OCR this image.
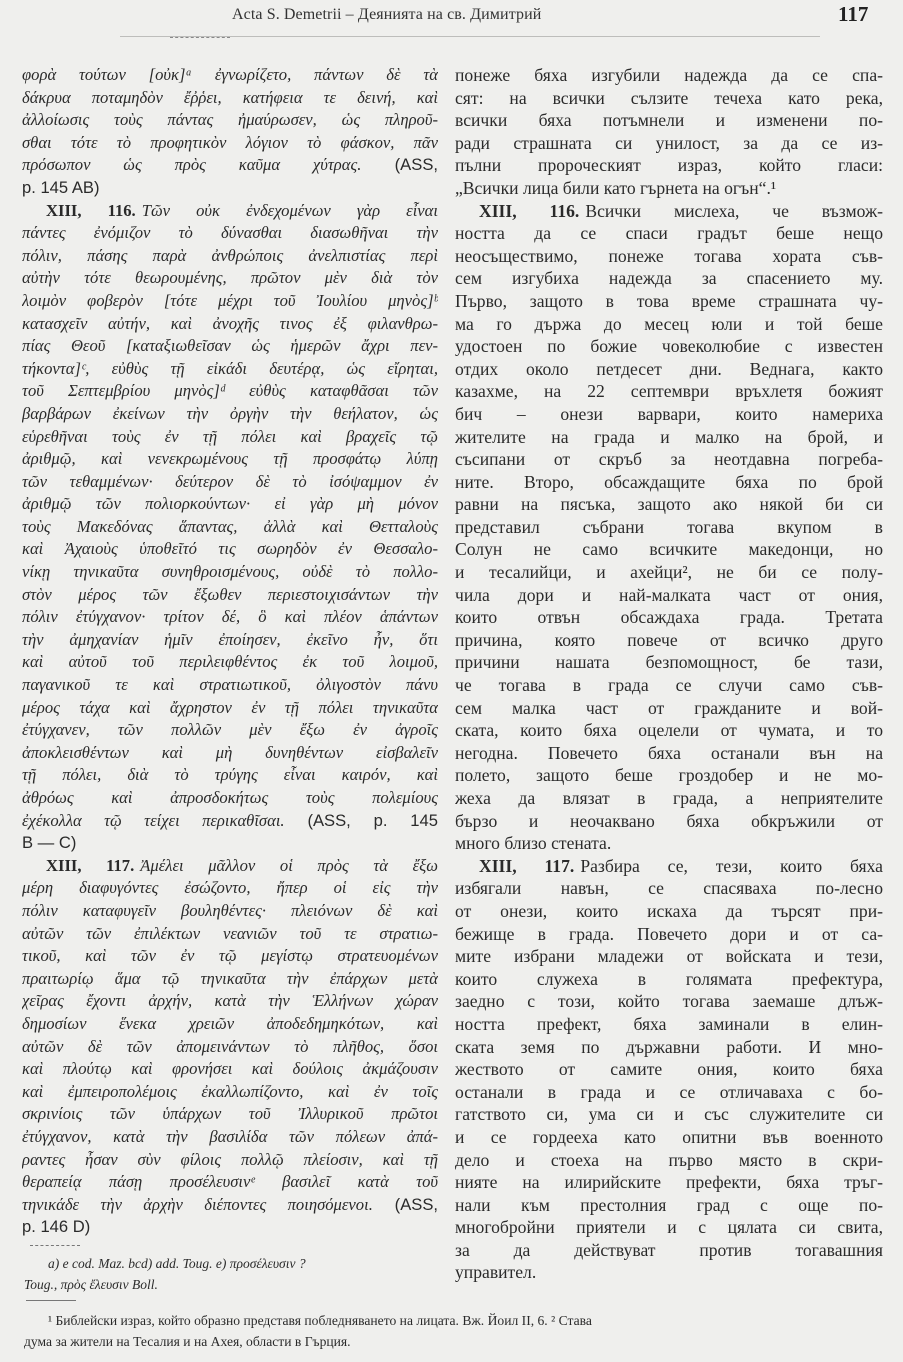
Acta S. Demetrii – Деянията на св. Димитрий	117
φορὰ τούτων [οὐκ]ᵃ ἐγνωρίζετο, πάντων δὲ τὰ
δάκρυα ποταμηδὸν ἔῤῥει, κατήφεια τε δεινή, καὶ
ἀλλοίωσις τοὺς πάντας ἠμαύρωσεν, ὡς πληροῦ-
σθαι τότε τὸ προφητικὸν λόγιον τὸ φάσκον, πᾶν
πρόσωπον ὡς πρὸς καῦμα χύτρας. (ASS,
p. 145 AB)
XIII, 116. Τῶν οὐκ ἐνδεχομένων γὰρ εἶναι
πάντες ἐνόμιζον τὸ δύνασθαι διασωθῆναι τὴν
πόλιν, πάσης παρὰ ἀνθρώποις ἀνελπιστίας περὶ
αὐτὴν τότε θεωρουμένης, πρῶτον μὲν διὰ τὸν
λοιμὸν φοβερὸν [τότε μέχρι τοῦ Ἰουλίου μηνὸς]ᵇ
κατασχεῖν αὐτήν, καὶ ἀνοχῆς τινος ἐξ φιλανθρω-
πίας Θεοῦ [καταξιωθεῖσαν ὡς ἡμερῶν ἄχρι πεν-
τήκοντα]ᶜ, εὐθὺς τῇ εἰκάδι δευτέρᾳ, ὡς εἴρηται,
τοῦ Σεπτεμβρίου μηνὸς]ᵈ εὐθὺς καταφθᾶσαι τῶν
βαρβάρων ἐκείνων τὴν ὀργὴν τὴν θεήλατον, ὡς
εὑρεθῆναι τοὺς ἐν τῇ πόλει καὶ βραχεῖς τῷ
ἀριθμῷ, καὶ νενεκρωμένους τῇ προσφάτῳ λύπῃ
τῶν τεθαμμένων· δεύτερον δὲ τὸ ἰσόψαμμον ἐν
ἀριθμῷ τῶν πολιορκούντων· εἰ γὰρ μὴ μόνον
τοὺς Μακεδόνας ἅπαντας, ἀλλὰ καὶ Θετταλοὺς
καὶ Ἀχαιοὺς ὑποθεῖτό τις σωρηδὸν ἐν Θεσσαλο-
νίκῃ τηνικαῦτα συνηθροισμένους, οὐδὲ τὸ πολλο-
στὸν μέρος τῶν ἔξωθεν περιεστοιχισάντων τὴν
πόλιν ἐτύγχανον· τρίτον δέ, ὃ καὶ πλέον ἁπάντων
τὴν ἀμηχανίαν ἡμῖν ἐποίησεν, ἐκεῖνο ἦν, ὅτι
καὶ αὐτοῦ τοῦ περιλειφθέντος ἐκ τοῦ λοιμοῦ,
παγανικοῦ τε καὶ στρατιωτικοῦ, ὀλιγοστὸν πάνυ
μέρος τάχα καὶ ἄχρηστον ἐν τῇ πόλει τηνικαῦτα
ἐτύγχανεν, τῶν πολλῶν μὲν ἔξω ἐν ἀγροῖς
ἀποκλεισθέντων καὶ μὴ δυνηθέντων εἰσβαλεῖν
τῇ πόλει, διὰ τὸ τρύγης εἶναι καιρόν, καὶ
ἀθρόως καὶ ἀπροσδοκήτως τοὺς πολεμίους
ἐχέκολλα τῷ τείχει περικαθῖσαι. (ASS, p. 145
B — C)
XIII, 117. Ἀμέλει μᾶλλον οἱ πρὸς τὰ ἔξω
μέρη διαφυγόντες ἐσώζοντο, ἤπερ οἱ εἰς τὴν
πόλιν καταφυγεῖν βουληθέντες· πλειόνων δὲ καὶ
αὐτῶν τῶν ἐπιλέκτων νεανιῶν τοῦ τε στρατιω-
τικοῦ, καὶ τῶν ἐν τῷ μεγίστῳ στρατευομένων
πραιτωρίῳ ἅμα τῷ τηνικαῦτα τὴν ἐπάρχων μετὰ
χεῖρας ἔχοντι ἀρχήν, κατὰ τὴν Ἑλλήνων χώραν
δημοσίων ἕνεκα χρειῶν ἀποδεδημηκότων, καὶ
αὐτῶν δὲ τῶν ἀπομεινάντων τὸ πλῆθος, ὅσοι
καὶ πλούτῳ καὶ φρονήσει καὶ δούλοις ἀκμάζουσιν
καὶ ἐμπειροπολέμοις ἐκαλλωπίζοντο, καὶ ἐν τοῖς
σκρινίοις τῶν ὑπάρχων τοῦ Ἰλλυρικοῦ πρῶτοι
ἐτύγχανον, κατὰ τὴν βασιλίδα τῶν πόλεων ἀπά-
ραντες ἦσαν σὺν φίλοις πολλῷ πλείοσιν, καὶ τῇ
θεραπείᾳ πάσῃ προσέλευσινᵉ βασιλεῖ κατὰ τοῦ
τηνικάδε τὴν ἀρχὴν διέποντες ποιησόμενοι. (ASS,
p. 146 D)
понеже бяха изгубили надежда да се спа-
сят: на всички сълзите течеха като река,
всички бяха потъмнели и изменени по-
ради страшната си унилост, за да се из-
пълни пророческият израз, който гласи:
„Всички лица били като гърнета на огън“.¹
XIII, 116. Всички мислеха, че възмож-
ността да се спаси градът беше нещо
неосъществимо, понеже тогава хората съв-
сем изгубиха надежда за спасението му.
Първо, защото в това време страшната чу-
ма го държа до месец юли и той беше
удостоен по божие човеколюбие с известен
отдих около петдесет дни. Веднага, както
казахме, на 22 септември връхлетя божият
бич – онези варвари, които намериха
жителите на града и малко на брой, и
съсипани от скръб за неотдавна погреба-
ните. Второ, обсаждащите бяха по брой
равни на пясъка, защото ако някой би си
представил събрани тогава вкупом в
Солун не само всичките македонци, но
и тесалийци, и ахейци², не би се полу-
чила дори и най-малката част от ония,
които отвън обсаждаха града. Третата
причина, която повече от всичко друго
причини нашата безпомощност, бе тази,
че тогава в града се случи само съв-
сем малка част от гражданите и вой-
ската, които бяха оцелели от чумата, и то
негодна. Повечето бяха останали вън на
полето, защото беше гроздобер и не мо-
жеха да влязат в града, а неприятелите
бързо и неочаквано бяха обкръжили от
много близо стената.
XIII, 117. Разбира се, тези, които бяха
избягали навън, се спасяваха по-лесно
от онези, които искаха да търсят при-
бежище в града. Повечето дори и от са-
мите избрани младежи от войската и тези,
които служеха в голямата префектура,
заедно с този, който тогава заемаше длъж-
ността префект, бяха заминали в елин-
ската земя по държавни работи. И мно-
жеството от самите ония, които бяха
останали в града и се отличаваха с бо-
гатството си, ума си и със служителите си
и се гордееха като опитни във военното
дело и стоеха на първо място в скри-
нияте на илирийските префекти, бяха тръг-
нали към престолния град с още по-
многобройни приятели и с цялата си свита,
за да действуват против тогавашния
управител.
a) e cod. Maz. bcd) add. Toug. e) προσέλευσιν ?
Toug., πρὸς ἔλευσιν Boll.
¹ Библейски израз, който образно представя побледняването на лицата. Вж. Йоил II, 6. ² Става
дума за жители на Тесалия и на Ахея, области в Гърция.
